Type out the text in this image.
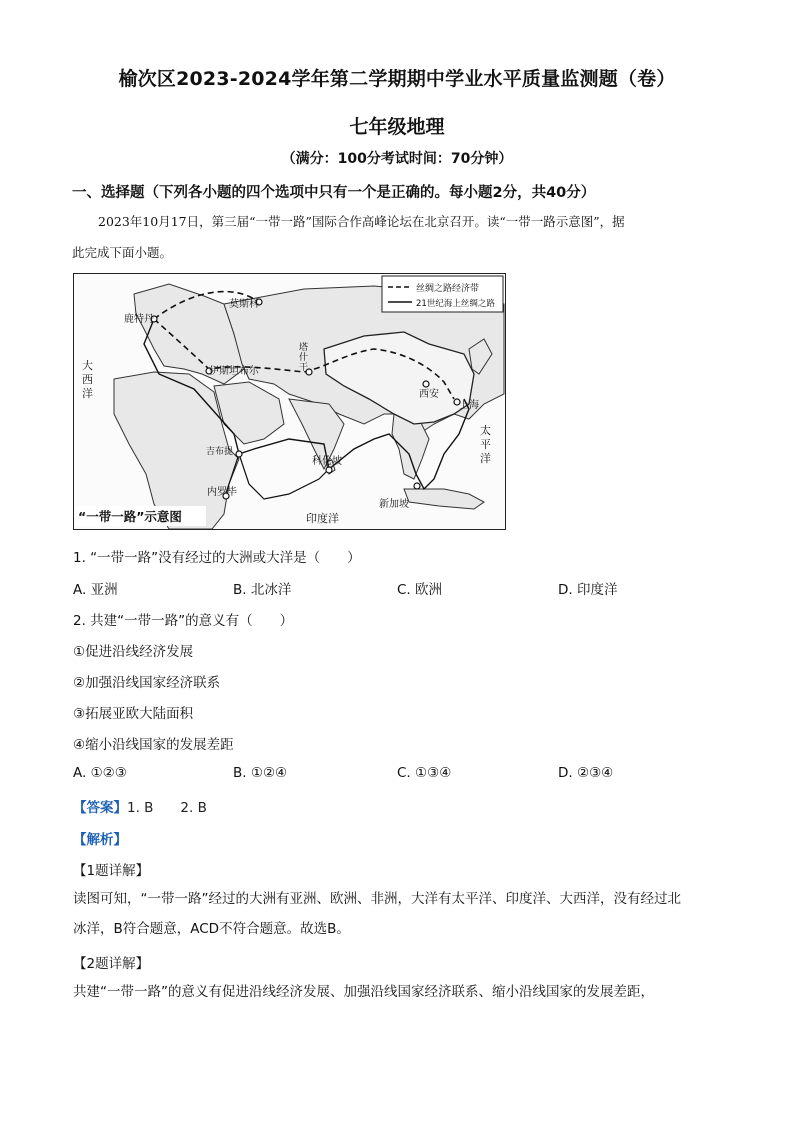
榆次区2023-2024学年第二学期期中学业水平质量监测题（卷）
七年级地理
（满分：100分考试时间：70分钟）
一、选择题（下列各小题的四个选项中只有一个是正确的。每小题2分，共40分）
2023年10月17日，第三届“一带一路”国际合作高峰论坛在北京召开。读“一带一路示意图”，据
此完成下面小题。
丝绸之路经济带
21世纪海上丝绸之路
莫斯科
鹿特丹
大
西
洋
伊斯坦布尔
塔
什
干
西安
上海
吉布提
内罗毕
科伦坡
新加坡
太
平
洋
印度洋
“一带一路”示意图
1. “一带一路”没有经过的大洲或大洋是（　　）
A. 亚洲	B. 北冰洋	C. 欧洲	D. 印度洋
2. 共建“一带一路”的意义有（　　）
①促进沿线经济发展
②加强沿线国家经济联系
③拓展亚欧大陆面积
④缩小沿线国家的发展差距
A. ①②③	B. ①②④	C. ①③④	D. ②③④
【答案】1. B　　2. B
【解析】
【1题详解】
读图可知，“一带一路”经过的大洲有亚洲、欧洲、非洲，大洋有太平洋、印度洋、大西洋，没有经过北
冰洋，B符合题意，ACD不符合题意。故选B。
【2题详解】
共建“一带一路”的意义有促进沿线经济发展、加强沿线国家经济联系、缩小沿线国家的发展差距，
